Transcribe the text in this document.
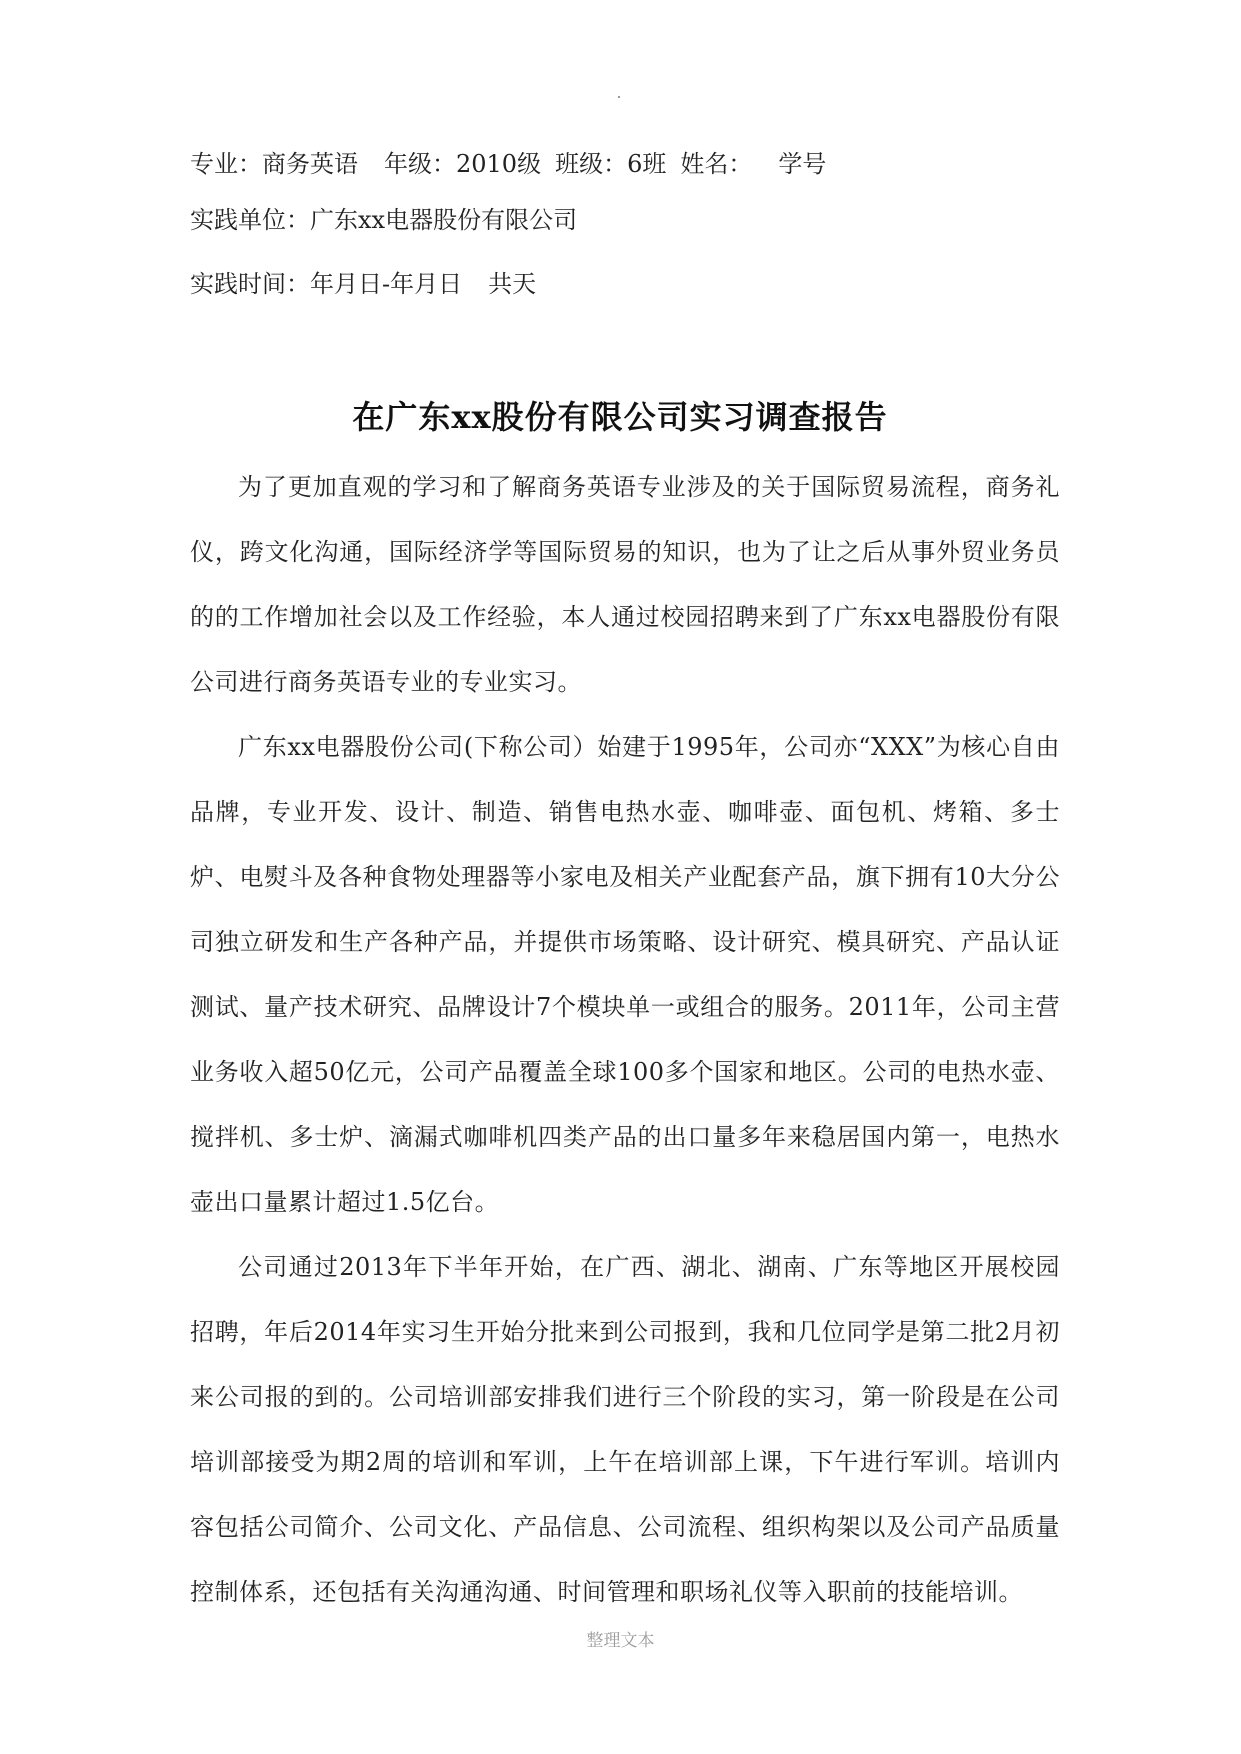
专业：商务英语 年级：2010级 班级：6班 姓名： 学号
实践单位：广东xx电器股份有限公司
实践时间：年月日-年月日 共天
在广东xx股份有限公司实习调查报告

为了更加直观的学习和了解商务英语专业涉及的关于国际贸易流程，商务礼仪，跨文化沟通，国际经济学等国际贸易的知识，也为了让之后从事外贸业务员的的工作增加社会以及工作经验，本人通过校园招聘来到了广东xx电器股份有限公司进行商务英语专业的专业实习。

广东xx电器股份公司(下称公司）始建于1995年，公司亦“XXX”为核心自由品牌，专业开发、设计、制造、销售电热水壶、咖啡壶、面包机、烤箱、多士炉、电熨斗及各种食物处理器等小家电及相关产业配套产品，旗下拥有10大分公司独立研发和生产各种产品，并提供市场策略、设计研究、模具研究、产品认证测试、量产技术研究、品牌设计7个模块单一或组合的服务。2011年，公司主营业务收入超50亿元，公司产品覆盖全球100多个国家和地区。公司的电热水壶、搅拌机、多士炉、滴漏式咖啡机四类产品的出口量多年来稳居国内第一，电热水壶出口量累计超过1.5亿台。

公司通过2013年下半年开始，在广西、湖北、湖南、广东等地区开展校园招聘，年后2014年实习生开始分批来到公司报到，我和几位同学是第二批2月初来公司报的到的。公司培训部安排我们进行三个阶段的实习，第一阶段是在公司培训部接受为期2周的培训和军训，上午在培训部上课，下午进行军训。培训内容包括公司简介、公司文化、产品信息、公司流程、组织构架以及公司产品质量控制体系，还包括有关沟通沟通、时间管理和职场礼仪等入职前的技能培训。

整理文本
